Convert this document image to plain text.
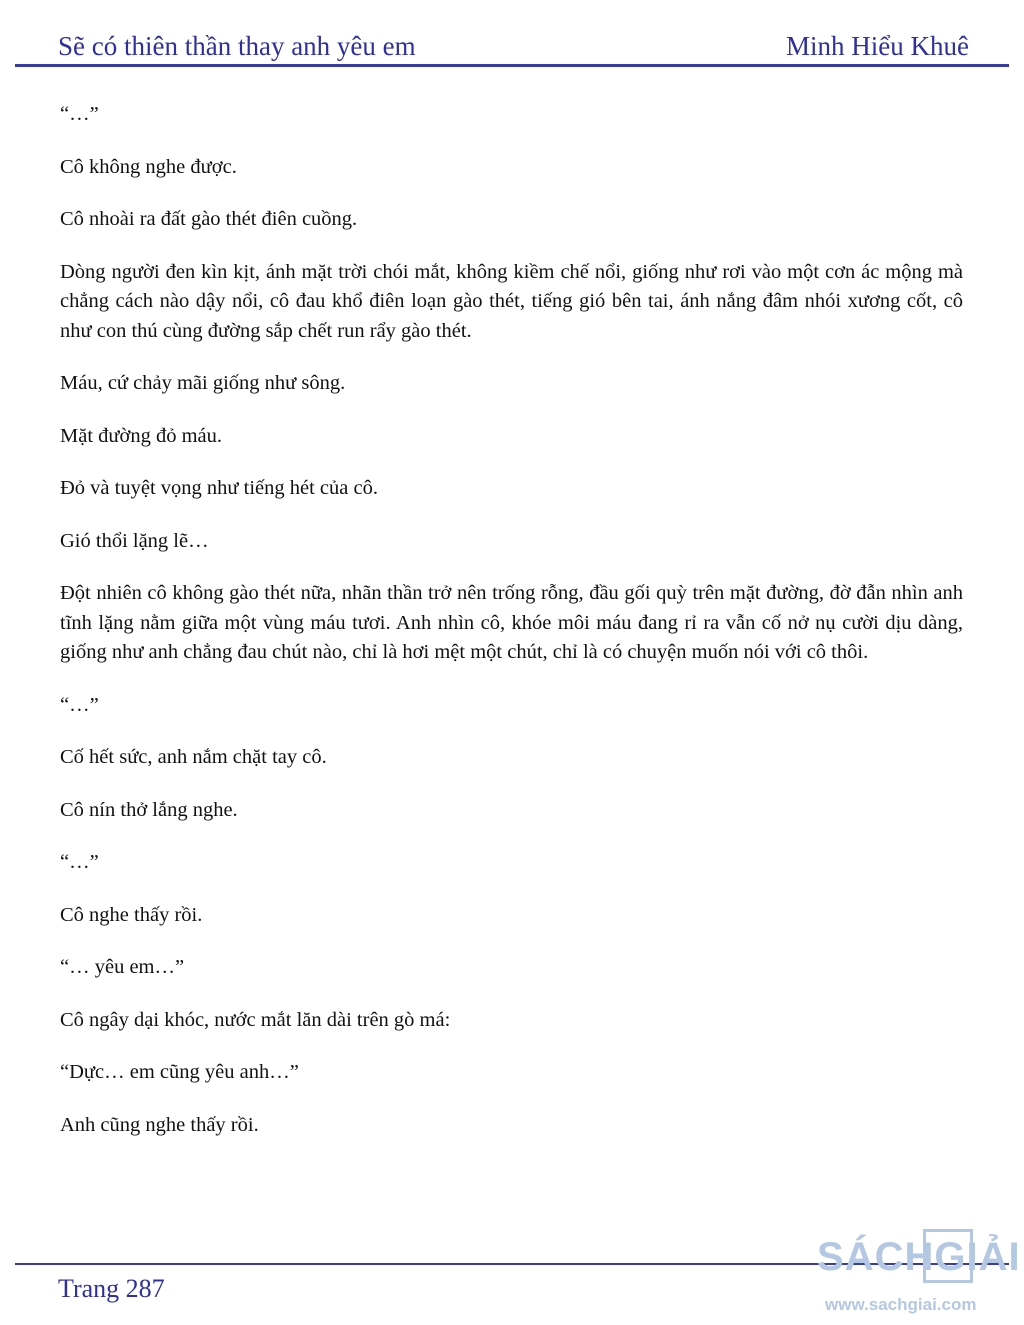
Sẽ có thiên thần thay anh yêu em	Minh Hiểu Khuê

“…”

Cô không nghe được.

Cô nhoài ra đất gào thét điên cuồng.

Dòng người đen kìn kịt, ánh mặt trời chói mắt, không kiềm chế nổi, giống như rơi vào một cơn ác mộng mà chẳng cách nào dậy nổi, cô đau khổ điên loạn gào thét, tiếng gió bên tai, ánh nắng đâm nhói xương cốt, cô như con thú cùng đường sắp chết run rẩy gào thét.

Máu, cứ chảy mãi giống như sông.

Mặt đường đỏ máu.

Đỏ và tuyệt vọng như tiếng hét của cô.

Gió thổi lặng lẽ…

Đột nhiên cô không gào thét nữa, nhãn thần trở nên trống rỗng, đầu gối quỳ trên mặt đường, đờ đẫn nhìn anh tĩnh lặng nằm giữa một vùng máu tươi. Anh nhìn cô, khóe môi máu đang rỉ ra vẫn cố nở nụ cười dịu dàng, giống như anh chẳng đau chút nào, chỉ là hơi mệt một chút, chỉ là có chuyện muốn nói với cô thôi.

“…”

Cố hết sức, anh nắm chặt tay cô.

Cô nín thở lắng nghe.

“…”

Cô nghe thấy rồi.

“… yêu em…”

Cô ngây dại khóc, nước mắt lăn dài trên gò má:

“Dực… em cũng yêu anh…”

Anh cũng nghe thấy rồi.

Trang 287
SÁCHGIẢI
www.sachgiai.com
